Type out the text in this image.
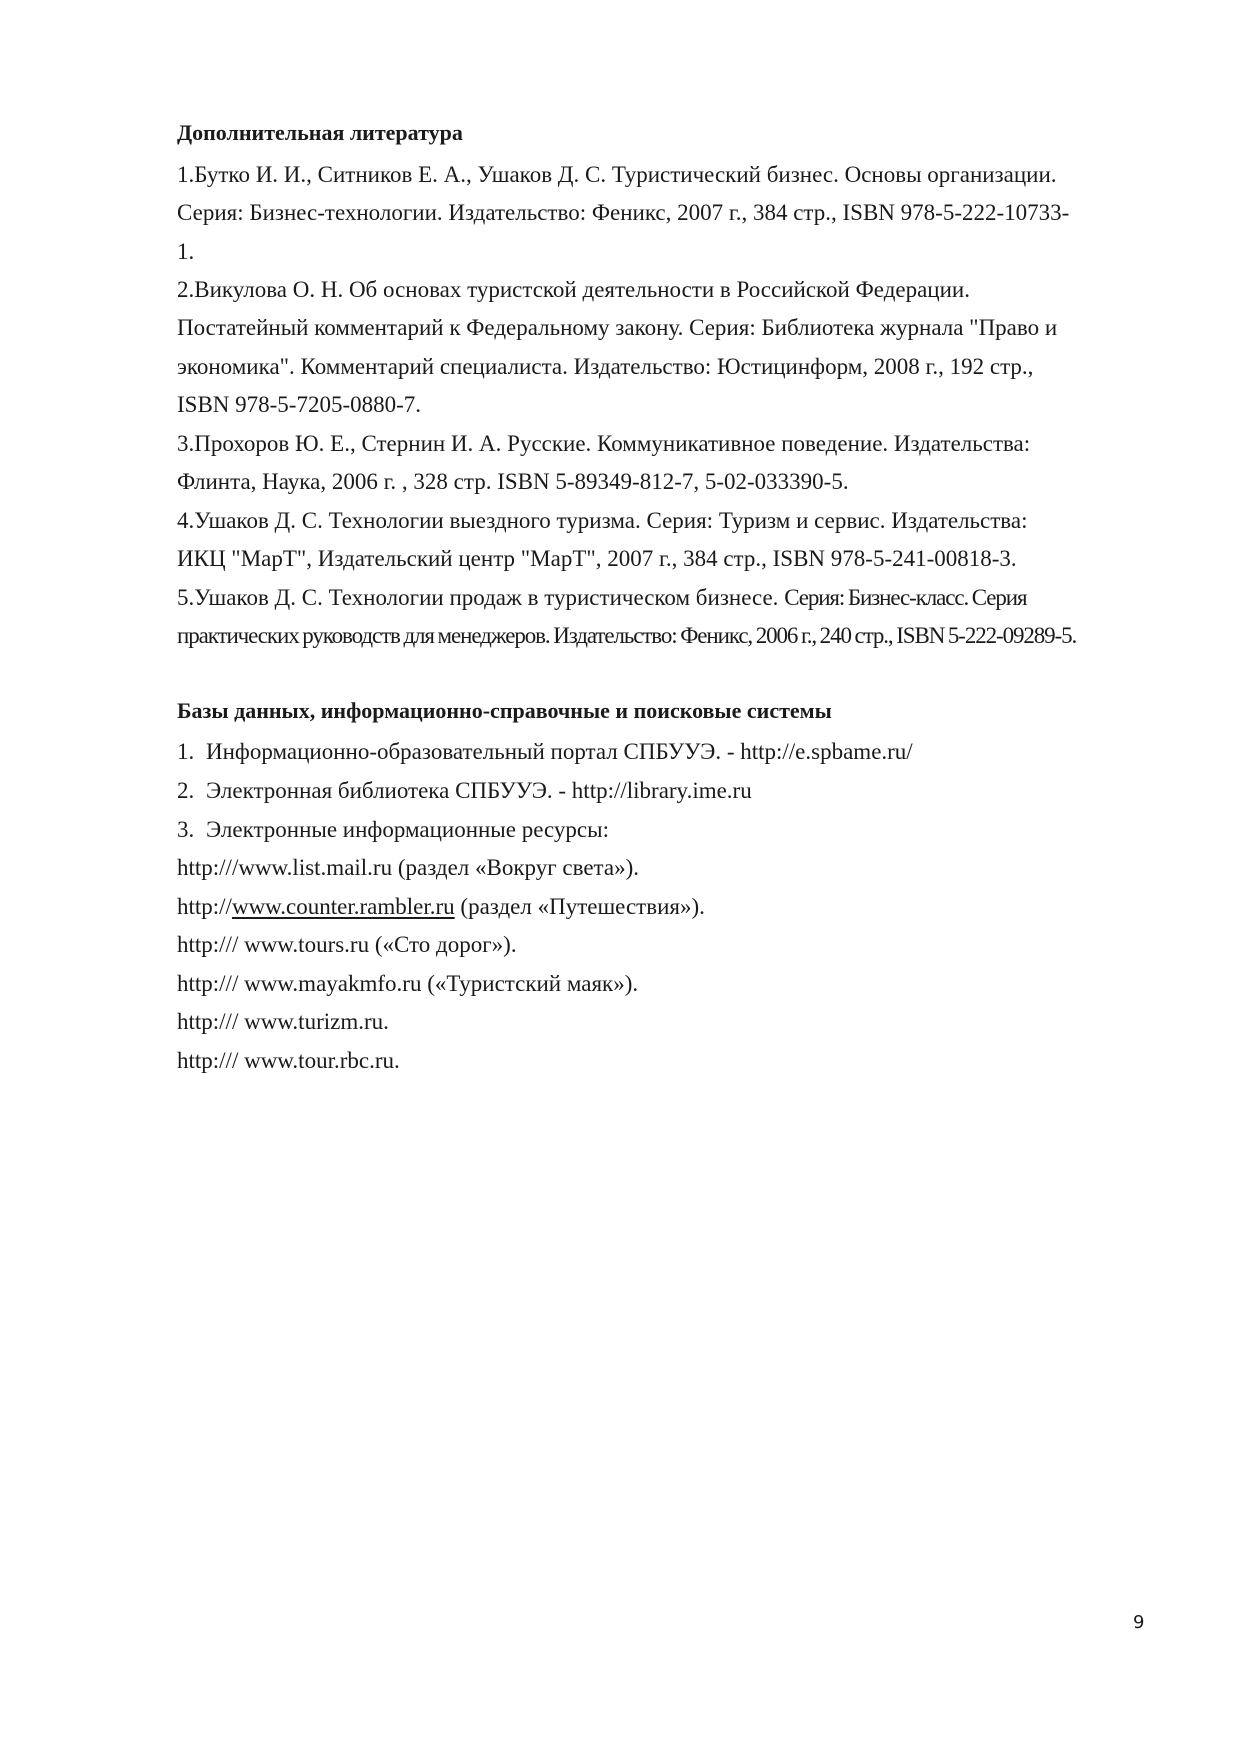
Дополнительная литература
1.Бутко И. И., Ситников Е. А., Ушаков Д. С. Туристический бизнес. Основы организации.
Серия: Бизнес-технологии. Издательство: Феникс, 2007 г., 384 стр., ISBN 978-5-222-10733-
1.
2.Викулова О. Н. Об основах туристской деятельности в Российской Федерации.
Постатейный комментарий к Федеральному закону. Серия: Библиотека журнала "Право и
экономика". Комментарий специалиста. Издательство: Юстицинформ, 2008 г., 192 стр.,
ISBN 978-5-7205-0880-7.
3.Прохоров Ю. Е., Стернин И. А. Русские. Коммуникативное поведение. Издательства:
Флинта, Наука, 2006 г. , 328 стр. ISBN 5-89349-812-7, 5-02-033390-5.
4.Ушаков Д. С. Технологии выездного туризма. Серия: Туризм и сервис. Издательства:
ИКЦ "МарТ", Издательский центр "МарТ", 2007 г., 384 стр., ISBN 978-5-241-00818-3.
5.Ушаков Д. С. Технологии продаж в туристическом бизнесе. Серия: Бизнес-класс. Серия
практических руководств для менеджеров. Издательство: Феникс, 2006 г., 240 стр., ISBN 5-222-09289-5.
Базы данных, информационно-справочные и поисковые системы
1. Информационно-образовательный портал СПБУУЭ. - http://e.spbame.ru/
2. Электронная библиотека СПБУУЭ. - http://library.ime.ru
3. Электронные информационные ресурсы:
http:///www.list.mail.ru (раздел «Вокруг света»).
http://www.counter.rambler.ru (раздел «Путешествия»).
http:/// www.tours.ru («Сто дорог»).
http:/// www.mayakmfo.ru («Туристский маяк»).
http:/// www.turizm.ru.
http:/// www.tour.rbc.ru.
9
